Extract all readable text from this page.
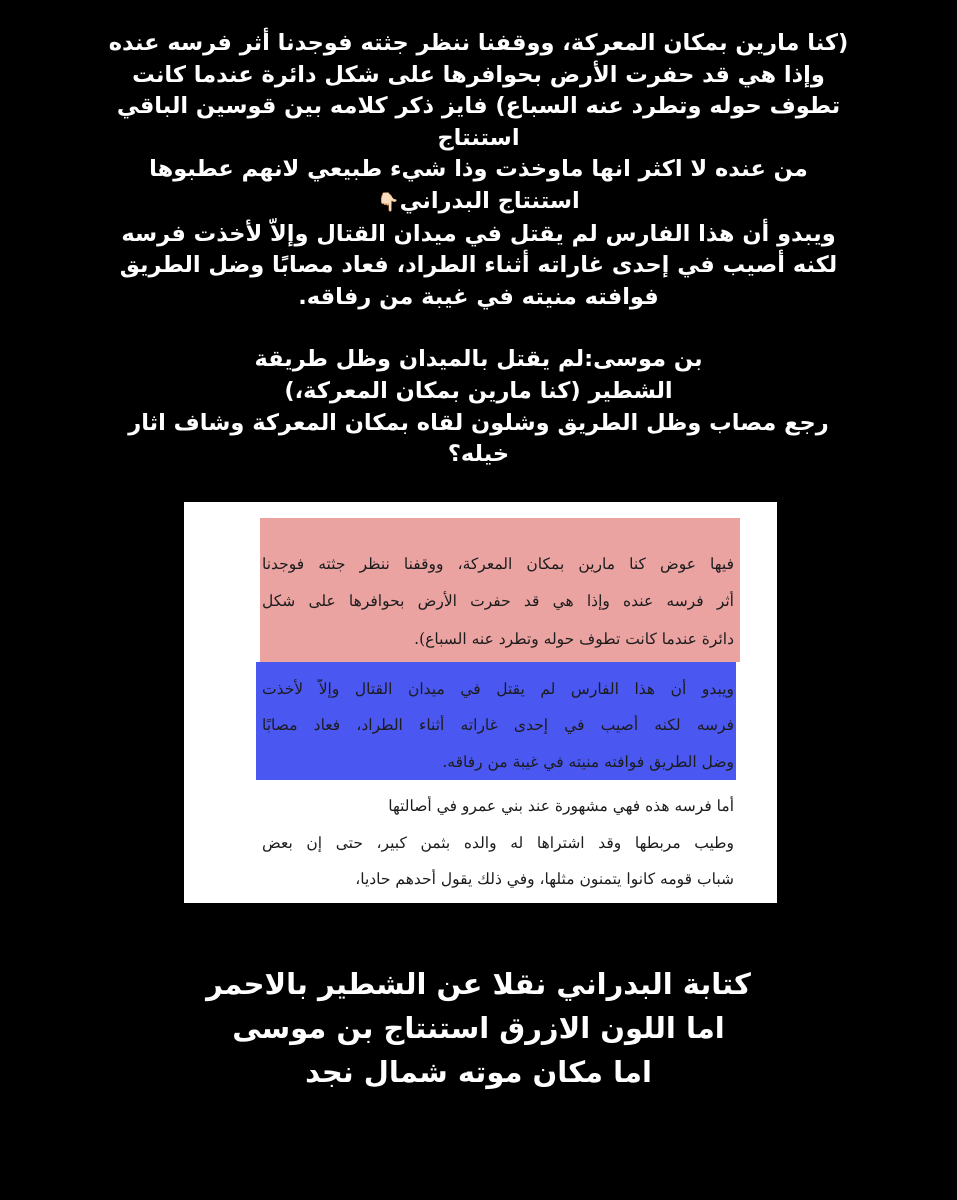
(كنا مارين بمكان المعركة، ووقفنا ننظر جثته فوجدنا أثر فرسه عنده

وإذا هي قد حفرت الأرض بحوافرها على شكل دائرة عندما كانت

تطوف حوله وتطرد عنه السباع) فايز ذكر كلامه بين قوسين الباقي

استنتاج

من عنده لا اكثر انها ماوخذت وذا شيء طبيعي لانهم عطبوها

استنتاج البدراني👇🏻

ويبدو أن هذا الفارس لم يقتل في ميدان القتال وإلاّ لأخذت فرسه

لكنه أصيب في إحدى غاراته أثناء الطراد، فعاد مصابًا وضل الطريق

فوافته منيته في غيبة من رفاقه.

بن موسى:لم يقتل بالميدان وظل طريقة

الشطير (كنا مارين بمكان المعركة،)

رجع مصاب وظل الطريق وشلون لقاه بمكان المعركة وشاف اثار

خيله؟

فيها عوض كنا مارين بمكان المعركة، ووقفنا ننظر جثته فوجدنا
أثر فرسه عنده وإذا هي قد حفرت الأرض بحوافرها على شكل
دائرة عندما كانت تطوف حوله وتطرد عنه السباع).
ويبدو أن هذا الفارس لم يقتل في ميدان القتال وإلاّ لأخذت
فرسه لكنه أصيب في إحدى غاراته أثناء الطراد، فعاد مصابًا
وضل الطريق فوافته منيته في غيبة من رفاقه.
أما فرسه هذه فهي مشهورة عند بني عمرو في أصالتها
وطيب مربطها وقد اشتراها له والده بثمن كبير، حتى إن بعض
شباب قومه كانوا يتمنون مثلها، وفي ذلك يقول أحدهم حاديا،

كتابة البدراني نقلا عن الشطير بالاحمر

اما اللون الازرق استنتاج بن موسى

اما مكان موته شمال نجد
